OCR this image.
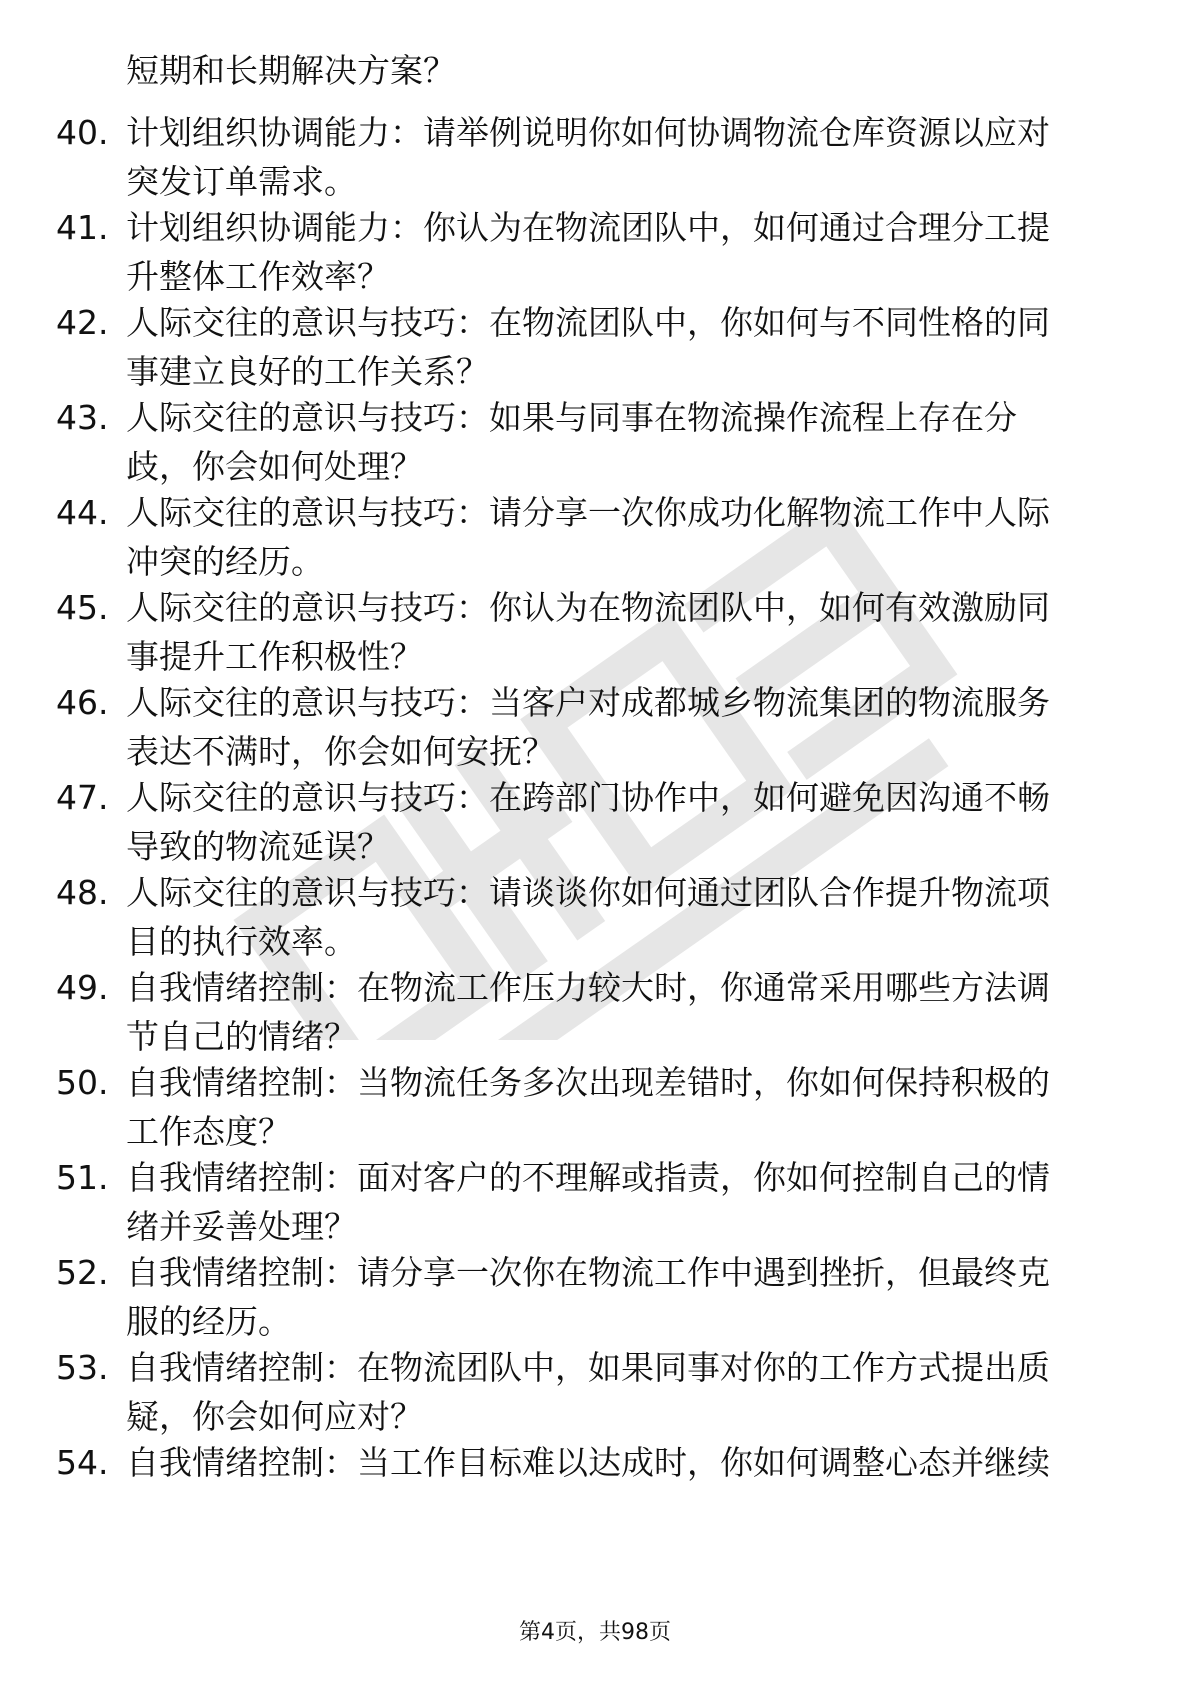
短期和长期解决方案？
40. 计划组织协调能力：请举例说明你如何协调物流仓库资源以应对
突发订单需求。
41. 计划组织协调能力：你认为在物流团队中，如何通过合理分工提
升整体工作效率？
42. 人际交往的意识与技巧：在物流团队中，你如何与不同性格的同
事建立良好的工作关系？
43. 人际交往的意识与技巧：如果与同事在物流操作流程上存在分
歧，你会如何处理？
44. 人际交往的意识与技巧：请分享一次你成功化解物流工作中人际
冲突的经历。
45. 人际交往的意识与技巧：你认为在物流团队中，如何有效激励同
事提升工作积极性？
46. 人际交往的意识与技巧：当客户对成都城乡物流集团的物流服务
表达不满时，你会如何安抚？
47. 人际交往的意识与技巧：在跨部门协作中，如何避免因沟通不畅
导致的物流延误？
48. 人际交往的意识与技巧：请谈谈你如何通过团队合作提升物流项
目的执行效率。
49. 自我情绪控制：在物流工作压力较大时，你通常采用哪些方法调
节自己的情绪？
50. 自我情绪控制：当物流任务多次出现差错时，你如何保持积极的
工作态度？
51. 自我情绪控制：面对客户的不理解或指责，你如何控制自己的情
绪并妥善处理？
52. 自我情绪控制：请分享一次你在物流工作中遇到挫折，但最终克
服的经历。
53. 自我情绪控制：在物流团队中，如果同事对你的工作方式提出质
疑，你会如何应对？
54. 自我情绪控制：当工作目标难以达成时，你如何调整心态并继续
第4页，共98页
